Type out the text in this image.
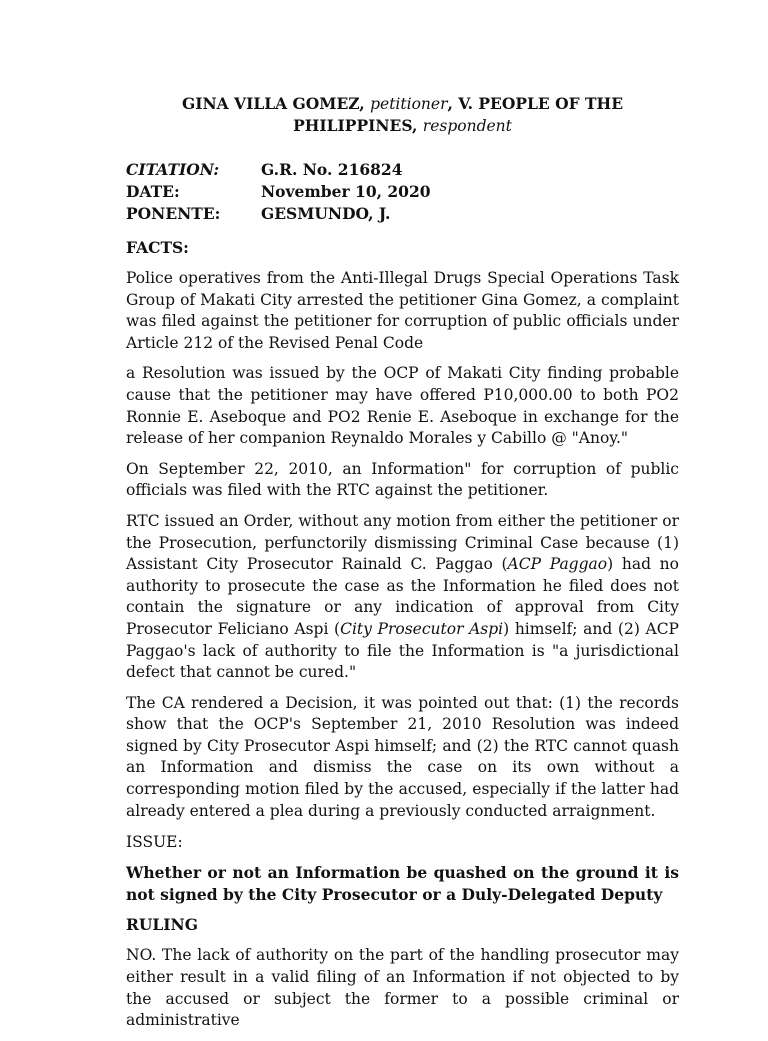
GINA VILLA GOMEZ, petitioner, V. PEOPLE OF THE
PHILIPPINES, respondent
CITATION:	G.R. No. 216824
DATE:	November 10, 2020
PONENTE:	GESMUNDO, J.
FACTS:

Police operatives from the Anti-Illegal Drugs Special Operations Task Group of Makati City arrested the petitioner Gina Gomez, a complaint was filed against the petitioner for corruption of public officials under Article 212 of the Revised Penal Code

a Resolution was issued by the OCP of Makati City finding probable cause that the petitioner may have offered P10,000.00 to both PO2 Ronnie E. Aseboque and PO2 Renie E. Aseboque in exchange for the release of her companion Reynaldo Morales y Cabillo @ "Anoy."

On September 22, 2010, an Information" for corruption of public officials was filed with the RTC against the petitioner.

RTC issued an Order, without any motion from either the petitioner or the Prosecution, perfunctorily dismissing Criminal Case because (1) Assistant City Prosecutor Rainald C. Paggao (ACP Paggao) had no authority to prosecute the case as the Information he filed does not contain the signature or any indication of approval from City Prosecutor Feliciano Aspi (City Prosecutor Aspi) himself; and (2) ACP Paggao's lack of authority to file the Information is "a jurisdictional defect that cannot be cured."

The CA rendered a Decision, it was pointed out that: (1) the records show that the OCP's September 21, 2010 Resolution was indeed signed by City Prosecutor Aspi himself; and (2) the RTC cannot quash an Information and dismiss the case on its own without a corresponding motion filed by the accused, especially if the latter had already entered a plea during a previously conducted arraignment.

ISSUE:

Whether or not an Information be quashed on the ground it is not signed by the City Prosecutor or a Duly-Delegated Deputy

RULING

NO. The lack of authority on the part of the handling prosecutor may either result in a valid filing of an Information if not objected to by the accused or subject the former to a possible criminal or administrative
